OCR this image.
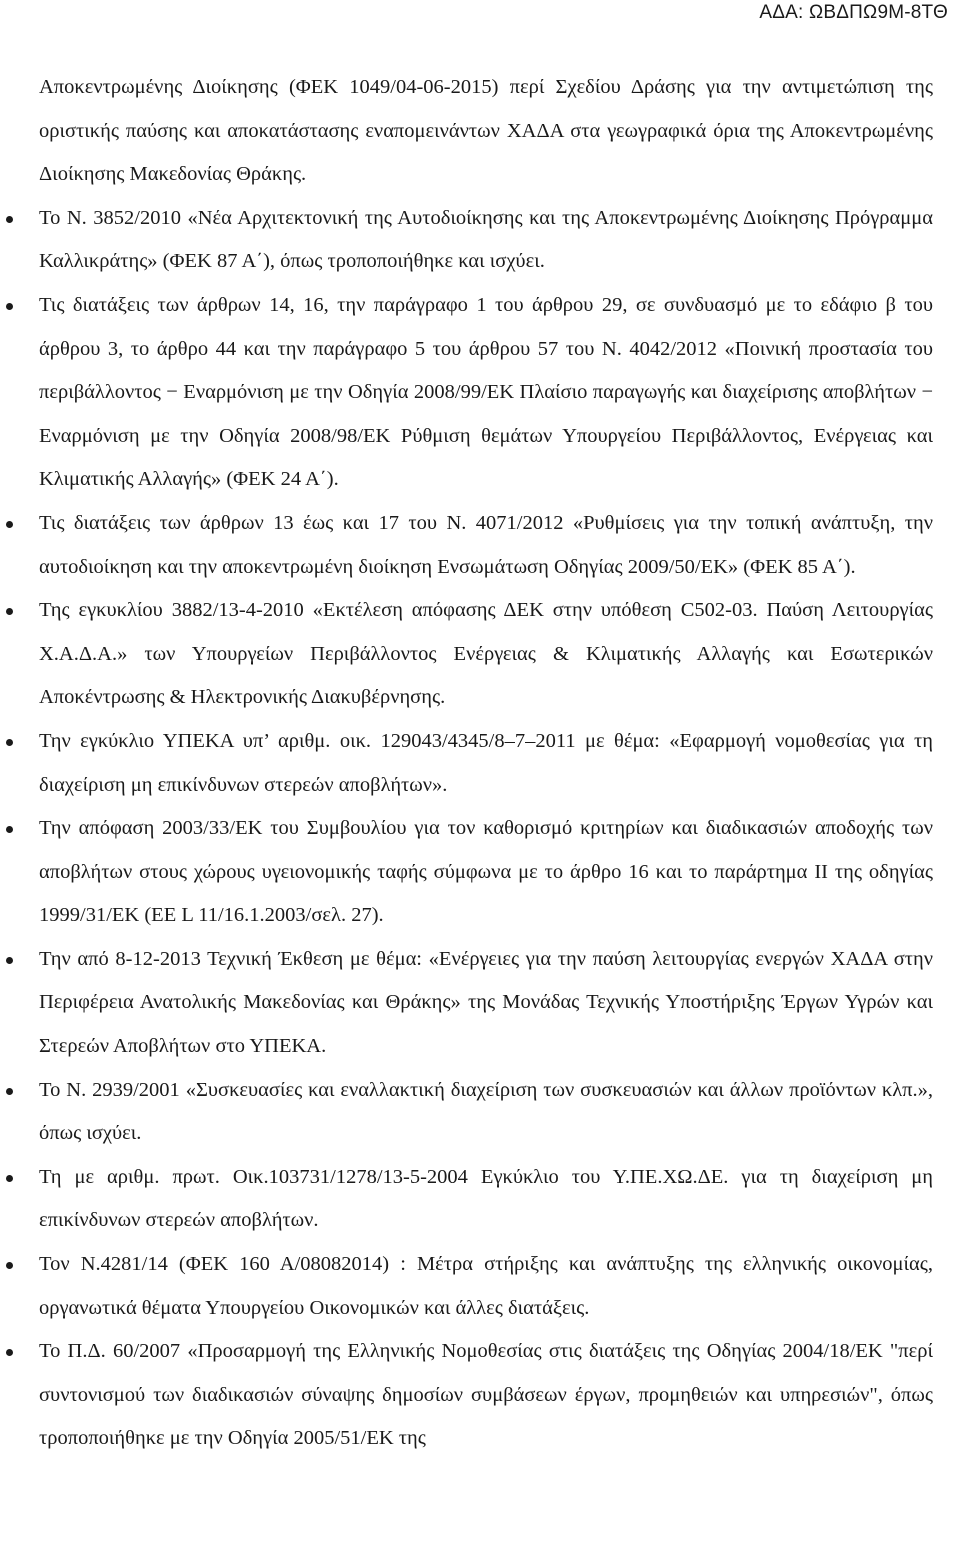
ΑΔΑ: ΩΒΔΠΩ9Μ-8ΤΘ

Αποκεντρωμένης Διοίκησης (ΦΕΚ 1049/04-06-2015) περί Σχεδίου Δράσης για την αντιμετώπιση της οριστικής παύσης και αποκατάστασης εναπομεινάντων ΧΑΔΑ στα γεωγραφικά όρια της Αποκεντρωμένης Διοίκησης Μακεδονίας Θράκης.

Το Ν. 3852/2010 «Νέα Αρχιτεκτονική της Αυτοδιοίκησης και της Αποκεντρωμένης Διοίκησης Πρόγραμμα Καλλικράτης» (ΦΕΚ 87 Α΄), όπως τροποποιήθηκε και ισχύει.
Τις διατάξεις των άρθρων 14, 16, την παράγραφο 1 του άρθρου 29, σε συνδυασμό με το εδάφιο β του άρθρου 3, το άρθρο 44 και την παράγραφο 5 του άρθρου 57 του Ν. 4042/2012 «Ποινική προστασία του περιβάλλοντος − Εναρμόνιση με την Οδηγία 2008/99/ΕΚ Πλαίσιο παραγωγής και διαχείρισης αποβλήτων − Εναρμόνιση με την Οδηγία 2008/98/ΕΚ Ρύθμιση θεμάτων Υπουργείου Περιβάλλοντος, Ενέργειας και Κλιματικής Αλλαγής» (ΦΕΚ 24 Α΄).
Τις διατάξεις των άρθρων 13 έως και 17 του Ν. 4071/2012 «Ρυθμίσεις για την τοπική ανάπτυξη, την αυτοδιοίκηση και την αποκεντρωμένη διοίκηση Ενσωμάτωση Οδηγίας 2009/50/ΕΚ» (ΦΕΚ 85 Α΄).
Της εγκυκλίου 3882/13-4-2010 «Εκτέλεση απόφασης ΔΕΚ στην υπόθεση C502-03. Παύση Λειτουργίας Χ.Α.Δ.Α.» των Υπουργείων Περιβάλλοντος Ενέργειας & Κλιματικής Αλλαγής και Εσωτερικών Αποκέντρωσης & Ηλεκτρονικής Διακυβέρνησης.
Την εγκύκλιο ΥΠΕΚΑ υπ’ αριθμ. οικ. 129043/4345/8–7–2011 με θέμα: «Εφαρμογή νομοθεσίας για τη διαχείριση μη επικίνδυνων στερεών αποβλήτων».
Την απόφαση 2003/33/ΕΚ του Συμβουλίου για τον καθορισμό κριτηρίων και διαδικασιών αποδοχής των αποβλήτων στους χώρους υγειονομικής ταφής σύμφωνα με το άρθρο 16 και το παράρτημα ΙΙ της οδηγίας 1999/31/ΕΚ (ΕΕ L 11/16.1.2003/σελ. 27).
Την από 8-12-2013 Τεχνική Έκθεση με θέμα: «Ενέργειες για την παύση λειτουργίας ενεργών ΧΑΔΑ στην Περιφέρεια Ανατολικής Μακεδονίας και Θράκης» της Μονάδας Τεχνικής Υποστήριξης Έργων Υγρών και Στερεών Αποβλήτων στο ΥΠΕΚΑ.
Το Ν. 2939/2001 «Συσκευασίες και εναλλακτική διαχείριση των συσκευασιών και άλλων προϊόντων κλπ.», όπως ισχύει.
Τη με αριθμ. πρωτ. Οικ.103731/1278/13-5-2004 Εγκύκλιο του Υ.ΠΕ.ΧΩ.ΔΕ. για τη διαχείριση μη επικίνδυνων στερεών αποβλήτων.
Τον Ν.4281/14 (ΦΕΚ 160 Α/08082014) : Μέτρα στήριξης και ανάπτυξης της ελληνικής οικονομίας, οργανωτικά θέματα Υπουργείου Οικονομικών και άλλες διατάξεις.
Το Π.Δ. 60/2007 «Προσαρμογή της Ελληνικής Νομοθεσίας στις διατάξεις της Οδηγίας 2004/18/ΕΚ "περί συντονισμού των διαδικασιών σύναψης δημοσίων συμβάσεων έργων, προμηθειών και υπηρεσιών", όπως τροποποιήθηκε με την Οδηγία 2005/51/ΕΚ της
